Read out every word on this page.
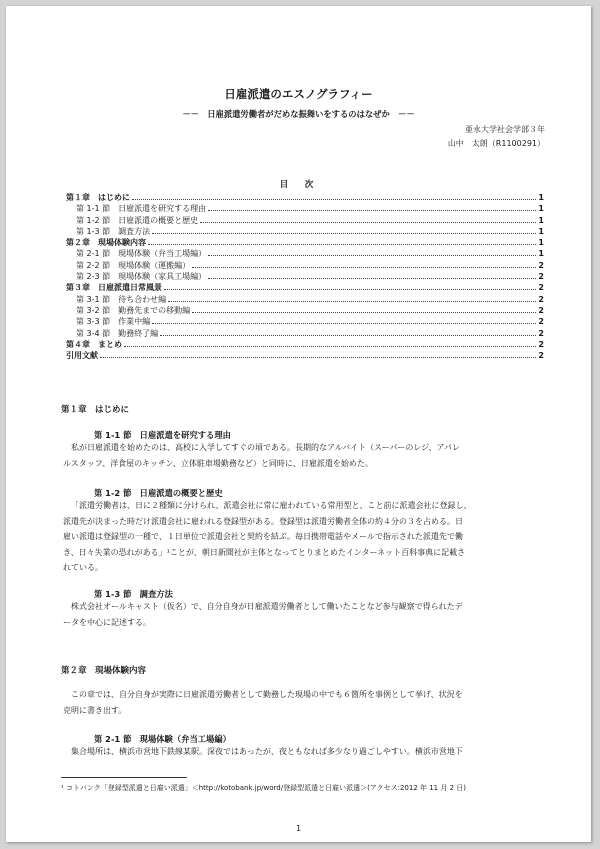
日雇派遣のエスノグラフィー
－－　日雇派遣労働者がだめな振舞いをするのはなぜか　－－
亜永大学社会学部３年
山中　太朗（R1100291）
目　次
第１章　はじめに	1
第 1-1 節　日雇派遣を研究する理由	1
第 1-2 節　日雇派遣の概要と歴史	1
第 1-3 節　調査方法	1
第２章　現場体験内容	1
第 2-1 節　現場体験（弁当工場編）	1
第 2-2 節　現場体験（運搬編）	2
第 2-3 節　現場体験（家具工場編）	2
第３章　日雇派遣日常風景	2
第 3-1 節　待ち合わせ編	2
第 3-2 節　勤務先までの移動編	2
第 3-3 節　作業中編	2
第 3-4 節　勤務終了編	2
第４章　まとめ	2
引用文献	2
第１章　はじめに
第 1-1 節　日雇派遣を研究する理由
私が日雇派遣を始めたのは、高校に入学してすぐの頃である。長期的なアルバイト（スーパーのレジ、アパレ
ルスタッフ、洋食屋のキッチン、立体駐車場勤務など）と同時に、日雇派遣を始めた。
第 1-2 節　日雇派遣の概要と歴史
「派遣労働者は、日に２種類に分けられ、派遣会社に常に雇われている常用型と、こと前に派遣会社に登録し、
派遣先が決まった時だけ派遣会社に雇われる登録型がある。登録型は派遣労働者全体の約４分の３を占める。日
雇い派遣は登録型の一種で、１日単位で派遣会社と契約を結ぶ。毎日携帯電話やメールで指示された派遣先で働
き、日々失業の恐れがある」¹ことが、朝日新聞社が主体となってとりまとめたインターネット百科事典に記載さ
れている。
第 1-3 節　調査方法
株式会社オールキャスト（仮名）で、自分自身が日雇派遣労働者として働いたことなど参与観察で得られたデ
ータを中心に記述する。
第２章　現場体験内容
この章では、自分自身が実際に日雇派遣労働者として勤務した現場の中でも６箇所を事例として挙げ、状況を
克明に書き出す。
第 2-1 節　現場体験（弁当工場編）
集合場所は、横浜市営地下鉄線某駅。深夜ではあったが、夜ともなれば多少なり過ごしやすい。横浜市営地下
¹ コトバンク「登録型派遣と日雇い派遣」＜http://kotobank.jp/word/登録型派遣と日雇い派遣＞(アクセス:2012 年 11 月 2 日)
1
